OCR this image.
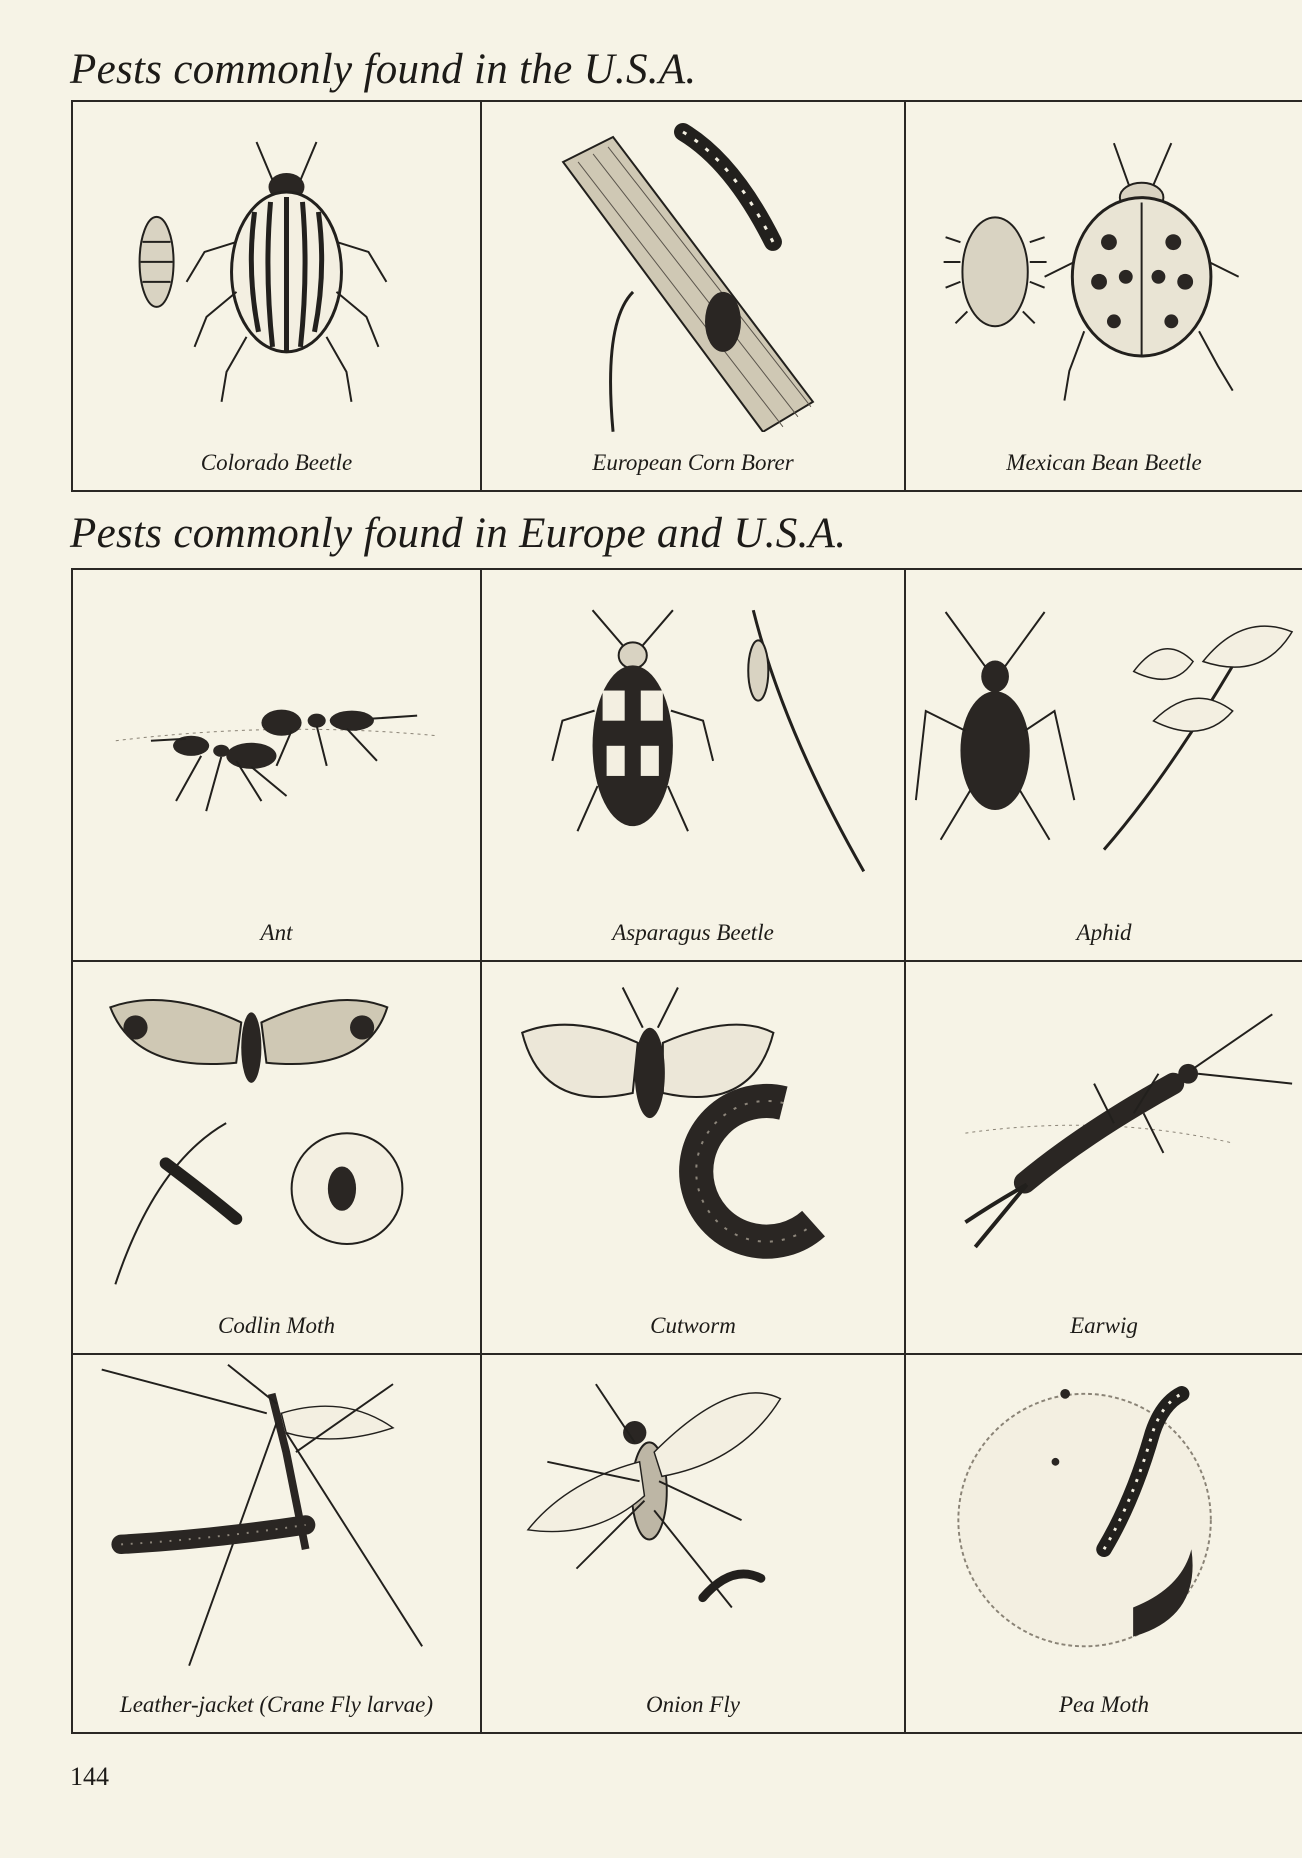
Pests commonly found in the U.S.A.
Colorado Beetle	European Corn Borer	Mexican Bean Beetle
Pests commonly found in Europe and U.S.A.
Ant	Asparagus Beetle	Aphid
Codlin Moth	Cutworm	Earwig
Leather-jacket (Crane Fly larvae)	Onion Fly	Pea Moth
144
